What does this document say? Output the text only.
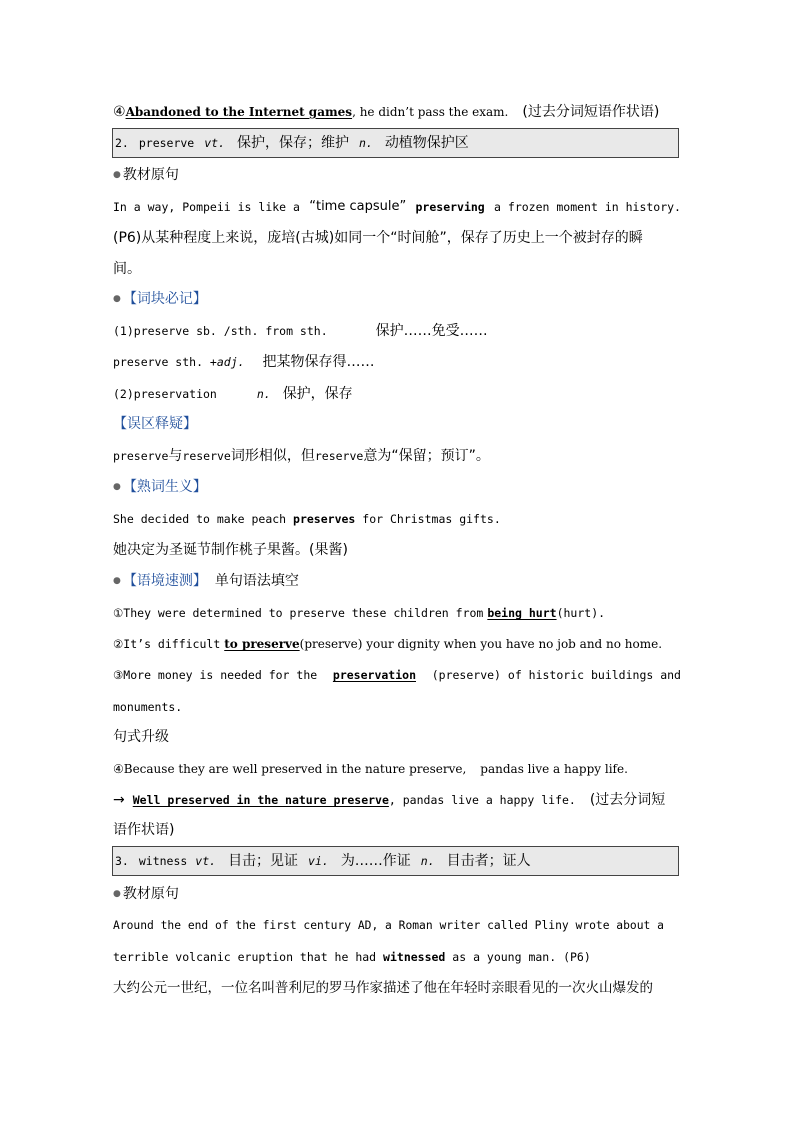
④Abandoned to the Internet games, he didn’t pass the exam. (过去分词短语作状语)
2. preserve vt. 保护，保存；维护 n. 动植物保护区
● 教材原句
In a way, Pompeii is like a “time capsule” preserving a frozen moment in history.
(P6)从某种程度上来说，庞培(古城)如同一个“时间舱”，保存了历史上一个被封存的瞬
间。
● 【词块必记】
(1)preserve sb. /sth. from sth.	保护……免受……
preserve sth. +adj. 把某物保存得……
(2)preservation	n. 保护，保存
【误区释疑】
preserve与reserve词形相似，但reserve意为“保留；预订”。
● 【熟词生义】
She decided to make peach preserves for Christmas gifts.
她决定为圣诞节制作桃子果酱。(果酱)
● 【语境速测】 单句语法填空
①They were determined to preserve these children from being hurt(hurt).
②It’s difficult to preserve(preserve) your dignity when you have no job and no home.
③More money is needed for the preservation (preserve) of historic buildings and
monuments.
句式升级
④Because they are well preserved in the nature preserve, pandas live a happy life.
→ Well preserved in the nature preserve, pandas live a happy life. (过去分词短
语作状语)
3. witness vt. 目击；见证 vi. 为……作证 n. 目击者；证人
● 教材原句
Around the end of the first century AD, a Roman writer called Pliny wrote about a
terrible volcanic eruption that he had witnessed as a young man. (P6)
大约公元一世纪，一位名叫普利尼的罗马作家描述了他在年轻时亲眼看见的一次火山爆发的
